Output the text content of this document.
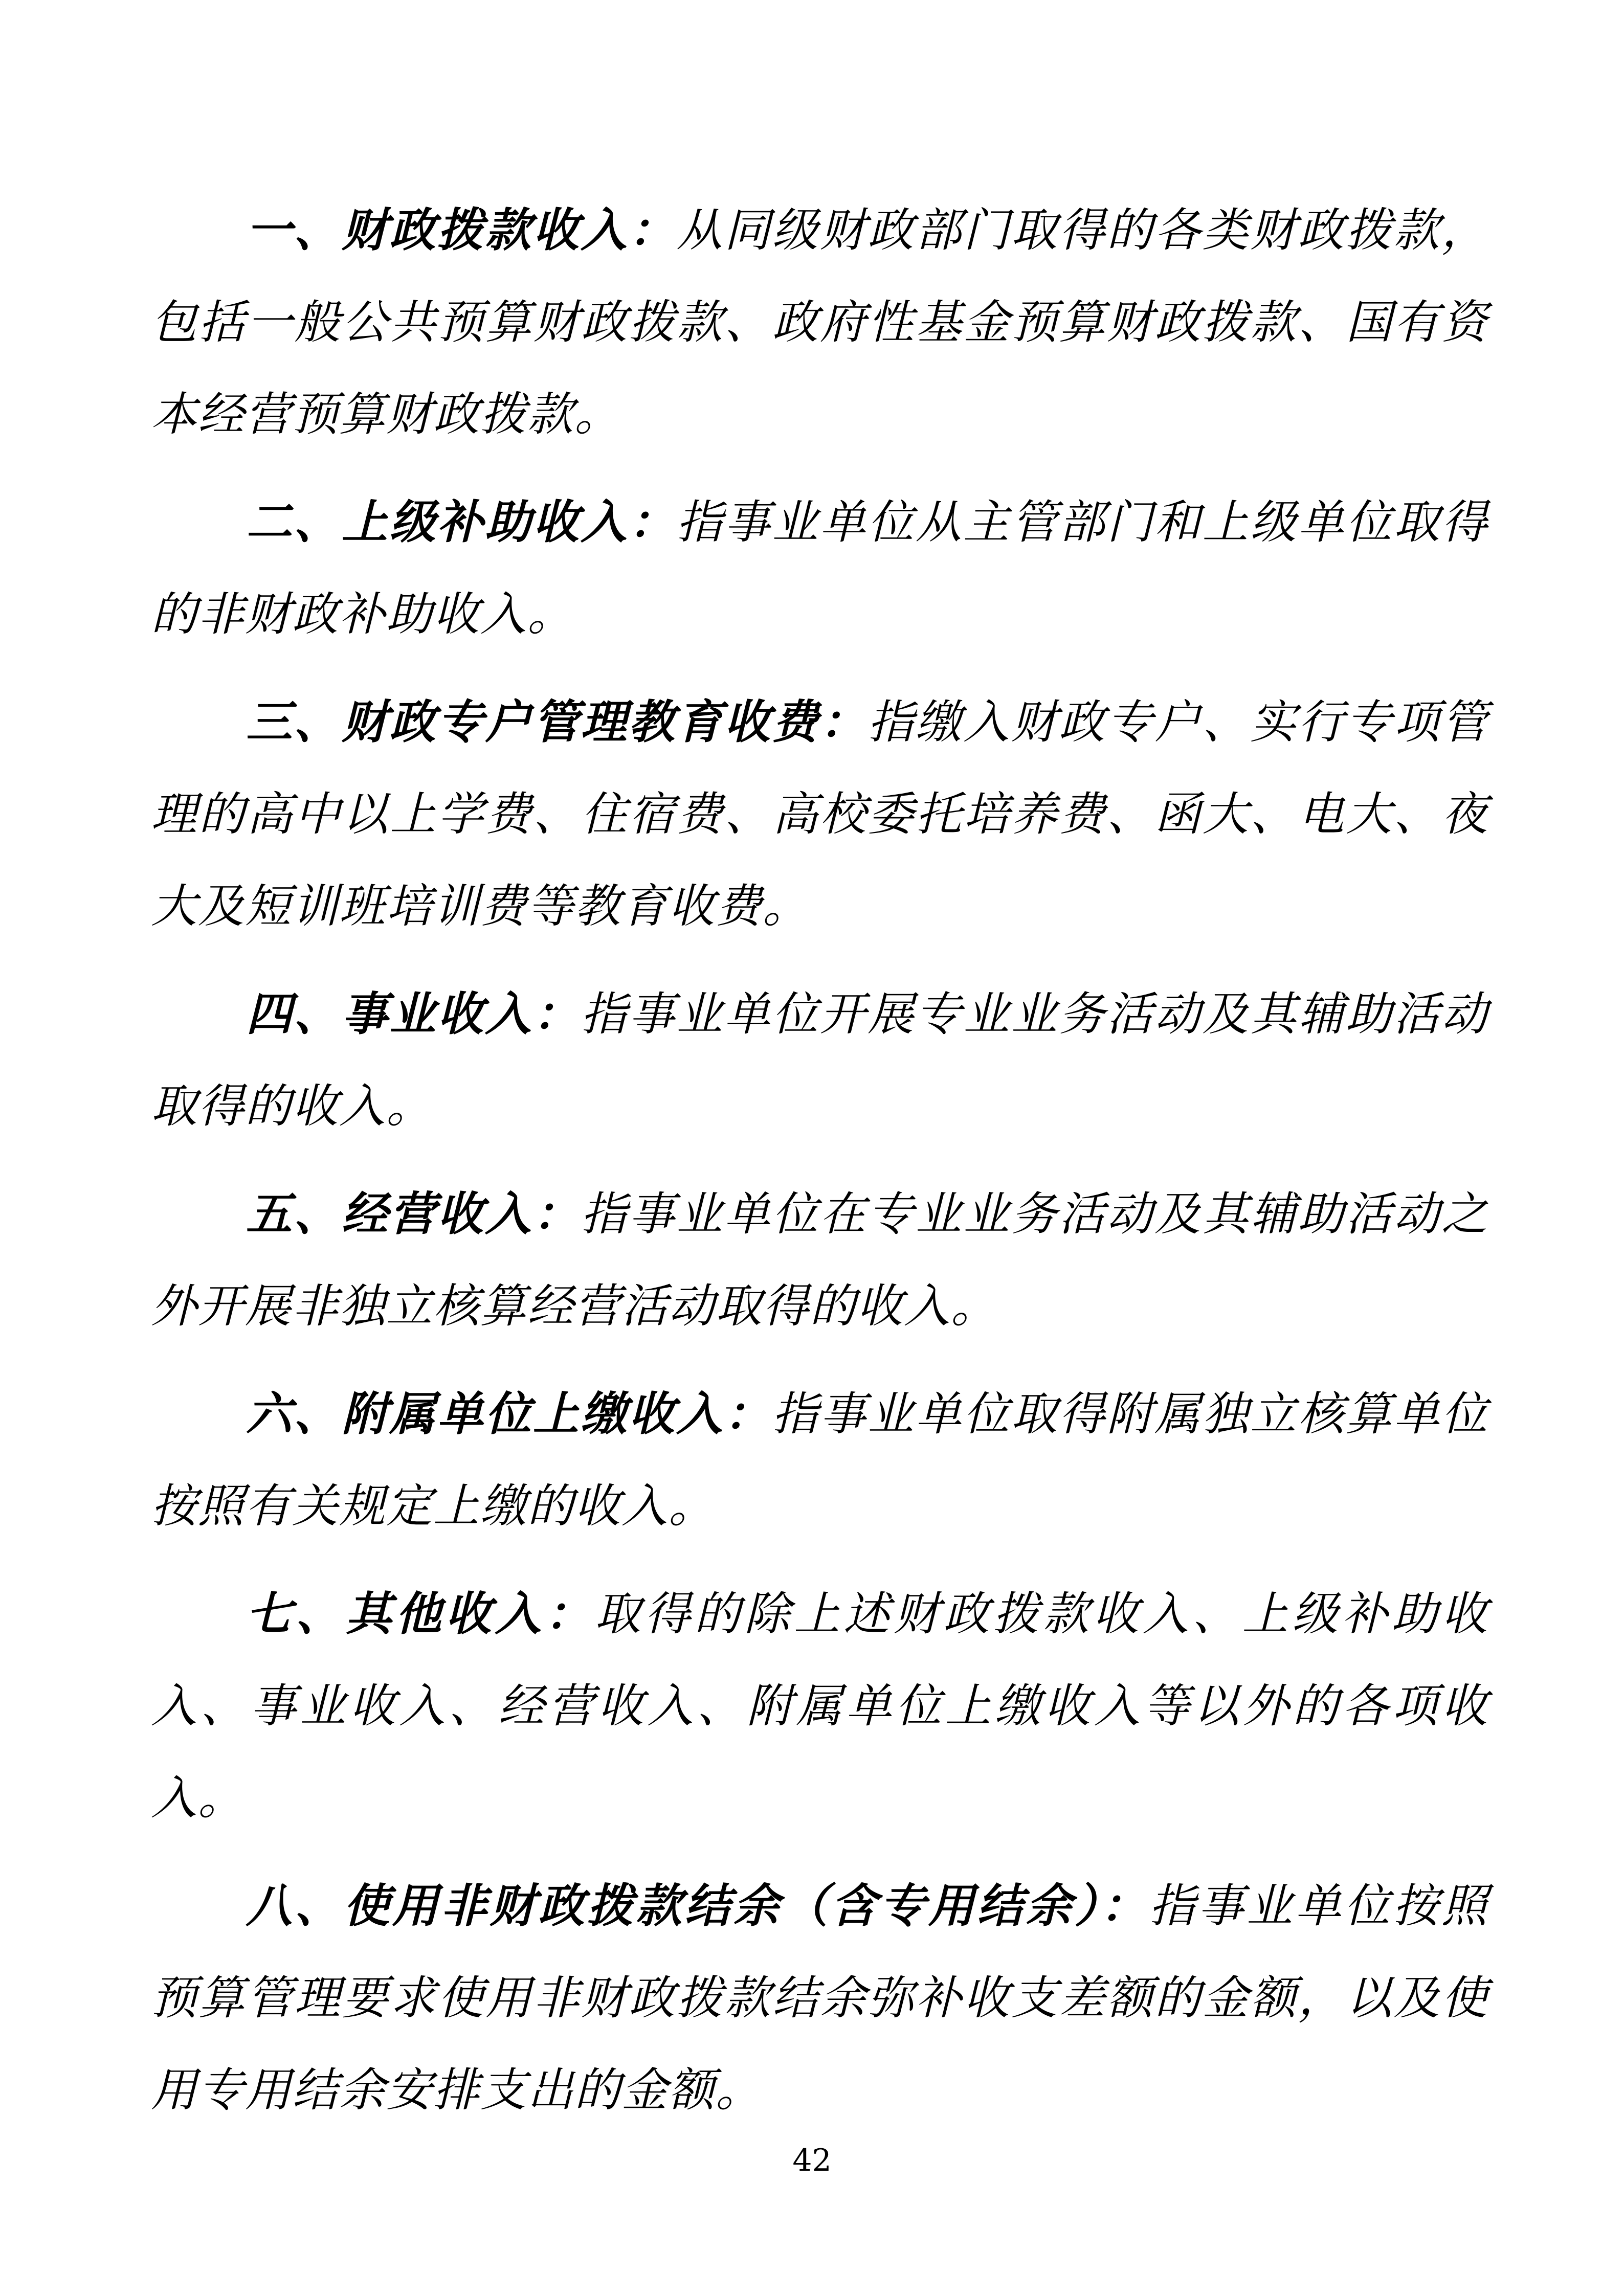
一、财政拨款收入：从同级财政部门取得的各类财政拨款，包括一般公共预算财政拨款、政府性基金预算财政拨款、国有资本经营预算财政拨款。

二、上级补助收入：指事业单位从主管部门和上级单位取得的非财政补助收入。

三、财政专户管理教育收费：指缴入财政专户、实行专项管理的高中以上学费、住宿费、高校委托培养费、函大、电大、夜大及短训班培训费等教育收费。

四、事业收入：指事业单位开展专业业务活动及其辅助活动取得的收入。

五、经营收入：指事业单位在专业业务活动及其辅助活动之外开展非独立核算经营活动取得的收入。

六、附属单位上缴收入：指事业单位取得附属独立核算单位按照有关规定上缴的收入。

七、其他收入：取得的除上述财政拨款收入、上级补助收入、事业收入、经营收入、附属单位上缴收入等以外的各项收入。

八、使用非财政拨款结余（含专用结余）：指事业单位按照预算管理要求使用非财政拨款结余弥补收支差额的金额，以及使用专用结余安排支出的金额。

42
